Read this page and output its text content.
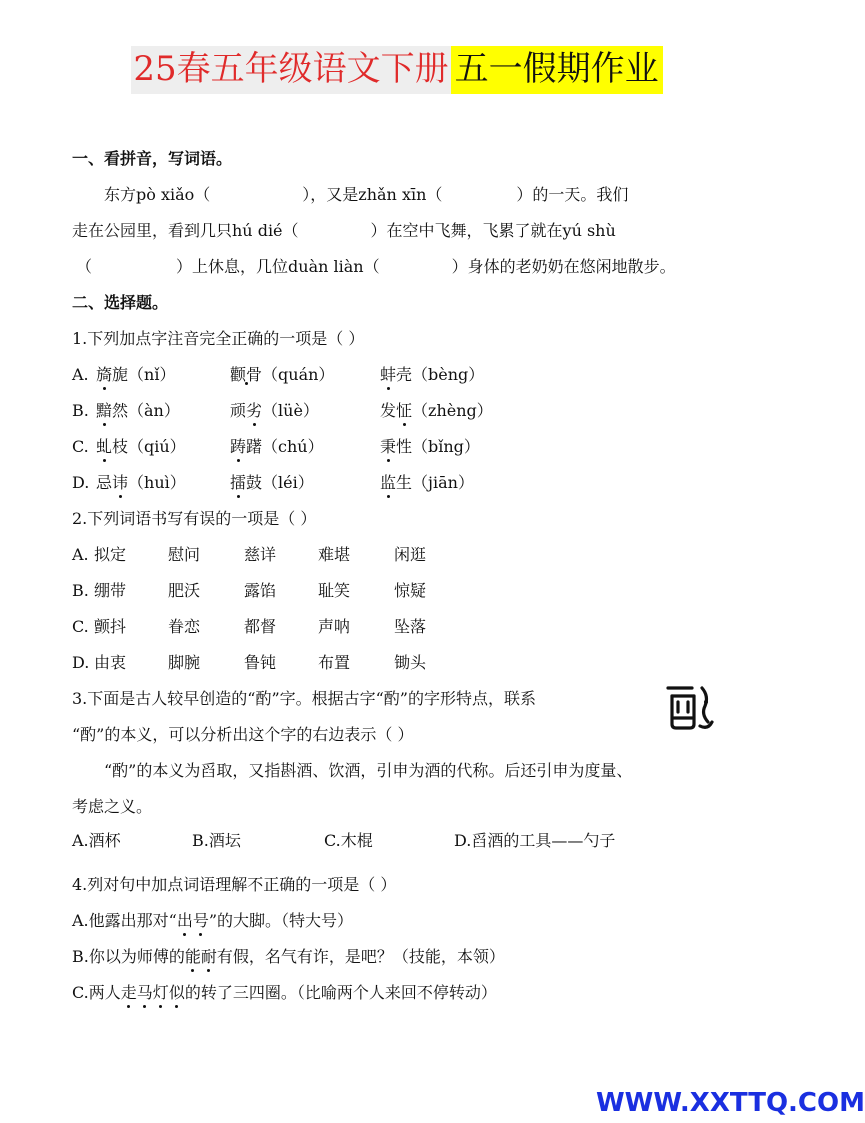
25春五年级语文下册 五一假期作业
一、看拼音，写词语。
东方pò xiǎo（	），又是zhǎn xīn（	）的一天。我们
走在公园里，看到几只hú dié（	）在空中飞舞，飞累了就在yú shù
（	）上休息，几位duàn liàn（	）身体的老奶奶在悠闲地散步。
二、选择题。
1.下列加点字注音完全正确的一项是（ ）
A. 旖旎（nǐ）	颧骨（quán）	蚌壳（bèng）
B. 黯然（àn）	顽劣（lüè）	发怔（zhèng）
C. 虬枝（qiú）	踌躇（chú）	秉性（bǐng）
D. 忌讳（huì）	擂鼓（léi）	监生（jiān）
2.下列词语书写有误的一项是（ ）
A. 拟定	慰问	慈详	难堪	闲逛
B. 绷带	肥沃	露馅	耻笑	惊疑
C. 颤抖	眷恋	都督	声呐	坠落
D. 由衷	脚腕	鲁钝	布置	锄头
3.下面是古人较早创造的“酌”字。根据古字“酌”的字形特点，联系
“酌”的本义，可以分析出这个字的右边表示（ ）
“酌”的本义为舀取，又指斟酒、饮酒，引申为酒的代称。后还引申为度量、
考虑之义。
A.酒杯	B.酒坛	C.木棍	D.舀酒的工具——勺子
4.列对句中加点词语理解不正确的一项是（ ）
A.他露出那对“出号”的大脚。（特大号）
B.你以为师傅的能耐有假，名气有诈，是吧？（技能，本领）
C.两人走马灯似的转了三四圈。（比喻两个人来回不停转动）
WWW.XXTTQ.COM
